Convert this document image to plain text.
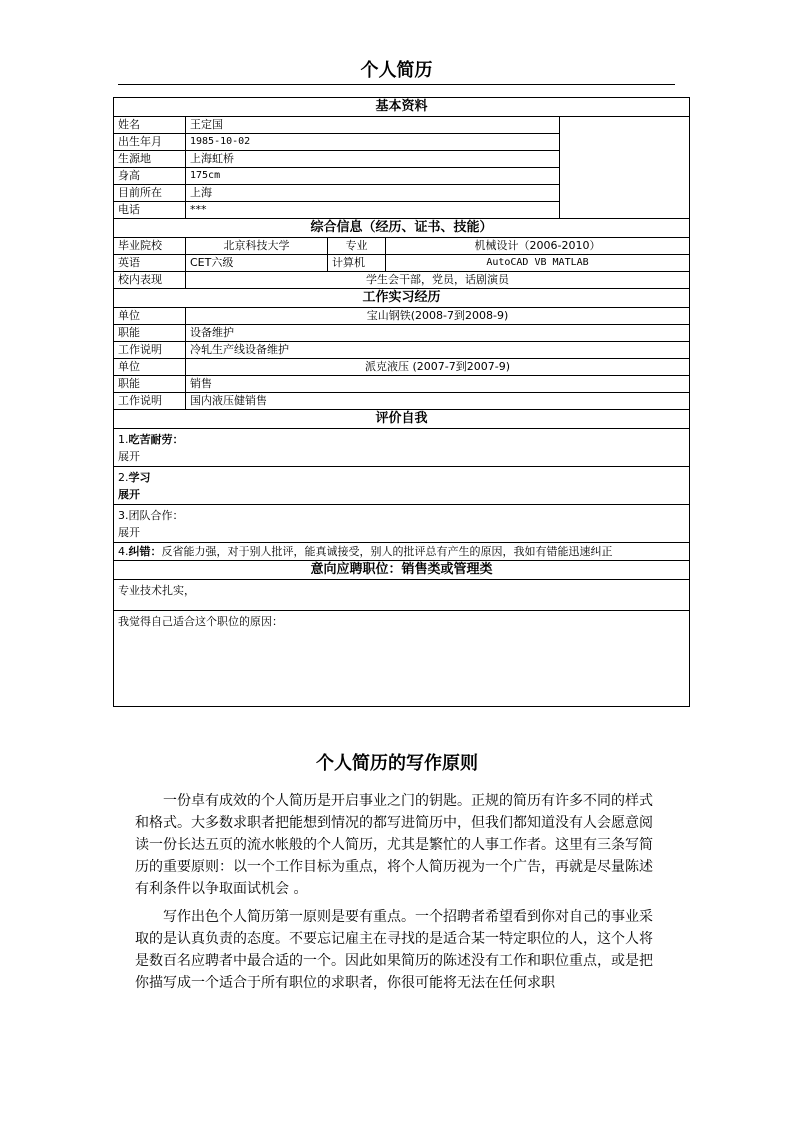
个人简历
基本资料				
姓名	王定国			
出生年月	1985-10-02			
生源地	上海虹桥			
身高	175cm			
目前所在	上海			
电话	***			
综合信息（经历、证书、技能）				
毕业院校	北京科技大学	专业	机械设计（2006-2010）	
英语	CET六级	计算机	AutoCAD VB MATLAB	
校内表现	学生会干部，党员，话剧演员			
工作实习经历				
单位	宝山钢铁(2008-7到2008-9)			
职能	设备维护			
工作说明	冷轧生产线设备维护			
单位	派克液压 (2007-7到2007-9)			
职能	销售			
工作说明	国内液压健销售			
评价自我				
1.吃苦耐劳：
展开				
2.学习
展开				
3.团队合作：
展开				
4.纠错：反省能力强，对于别人批评，能真诚接受，别人的批评总有产生的原因，我如有错能迅速纠正				
意向应聘职位：销售类或管理类				
专业技术扎实，				
我觉得自己适合这个职位的原因：				
个人简历的写作原则

一份卓有成效的个人简历是开启事业之门的钥匙。正规的简历有许多不同的样式和格式。大多数求职者把能想到情况的都写进简历中，但我们都知道没有人会愿意阅读一份长达五页的流水帐般的个人简历，尤其是繁忙的人事工作者。这里有三条写简历的重要原则：以一个工作目标为重点，将个人简历视为一个广告，再就是尽量陈述有利条件以争取面试机会 。

写作出色个人简历第一原则是要有重点。一个招聘者希望看到你对自己的事业采取的是认真负责的态度。不要忘记雇主在寻找的是适合某一特定职位的人，这个人将是数百名应聘者中最合适的一个。因此如果简历的陈述没有工作和职位重点，或是把你描写成一个适合于所有职位的求职者，你很可能将无法在任何求职
